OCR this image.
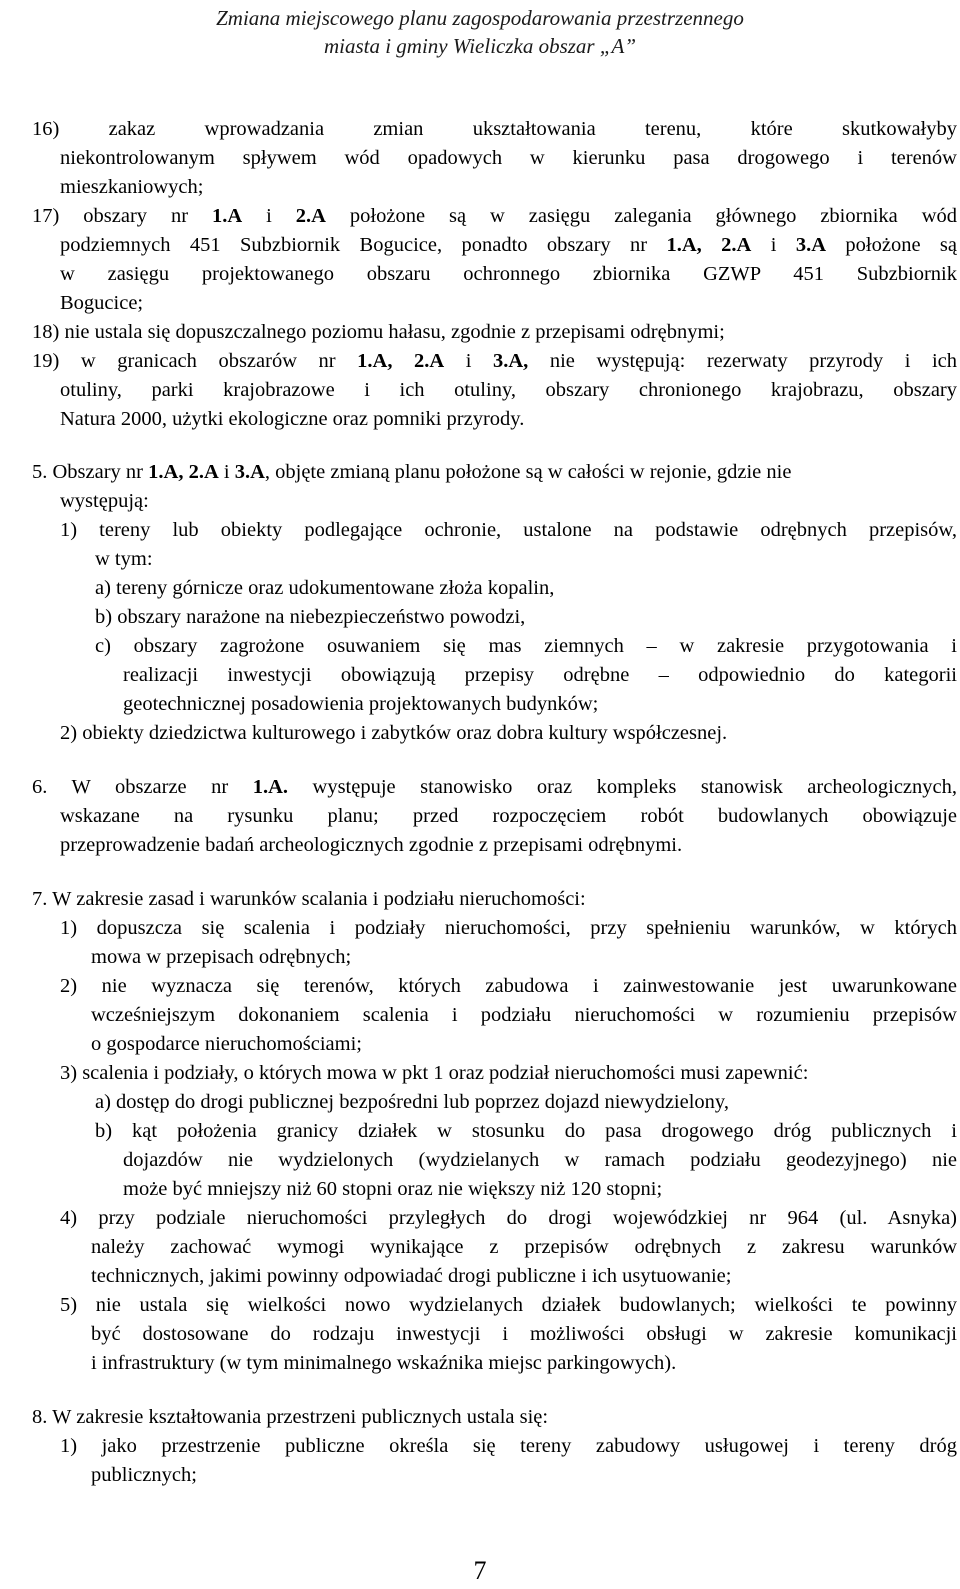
Zmiana miejscowego planu zagospodarowania przestrzennego
miasta i gminy Wieliczka obszar „A”
16) zakaz wprowadzania zmian ukształtowania terenu, które skutkowałyby
niekontrolowanym spływem wód opadowych w kierunku pasa drogowego i terenów
mieszkaniowych;
17) obszary nr 1.A i 2.A położone są w zasięgu zalegania głównego zbiornika wód
podziemnych 451 Subzbiornik Bogucice, ponadto obszary nr 1.A, 2.A i 3.A położone są
w zasięgu projektowanego obszaru ochronnego zbiornika GZWP 451 Subzbiornik
Bogucice;
18) nie ustala się dopuszczalnego poziomu hałasu, zgodnie z przepisami odrębnymi;
19) w granicach obszarów nr 1.A, 2.A i 3.A, nie występują: rezerwaty przyrody i ich
otuliny, parki krajobrazowe i ich otuliny, obszary chronionego krajobrazu, obszary
Natura 2000, użytki ekologiczne oraz pomniki przyrody.
5. Obszary nr 1.A, 2.A i 3.A, objęte zmianą planu położone są w całości w rejonie, gdzie nie
występują:
1) tereny lub obiekty podlegające ochronie, ustalone na podstawie odrębnych przepisów,
w tym:
a) tereny górnicze oraz udokumentowane złoża kopalin,
b) obszary narażone na niebezpieczeństwo powodzi,
c) obszary zagrożone osuwaniem się mas ziemnych – w zakresie przygotowania i
realizacji inwestycji obowiązują przepisy odrębne – odpowiednio do kategorii
geotechnicznej posadowienia projektowanych budynków;
2) obiekty dziedzictwa kulturowego i zabytków oraz dobra kultury współczesnej.
6. W obszarze nr 1.A. występuje stanowisko oraz kompleks stanowisk archeologicznych,
wskazane na rysunku planu; przed rozpoczęciem robót budowlanych obowiązuje
przeprowadzenie badań archeologicznych zgodnie z przepisami odrębnymi.
7. W zakresie zasad i warunków scalania i podziału nieruchomości:
1) dopuszcza się scalenia i podziały nieruchomości, przy spełnieniu warunków, w których
mowa w przepisach odrębnych;
2) nie wyznacza się terenów, których zabudowa i zainwestowanie jest uwarunkowane
wcześniejszym dokonaniem scalenia i podziału nieruchomości w rozumieniu przepisów
o gospodarce nieruchomościami;
3) scalenia i podziały, o których mowa w pkt 1 oraz podział nieruchomości musi zapewnić:
a) dostęp do drogi publicznej bezpośredni lub poprzez dojazd niewydzielony,
b) kąt położenia granicy działek w stosunku do pasa drogowego dróg publicznych i
dojazdów nie wydzielonych (wydzielanych w ramach podziału geodezyjnego) nie
może być mniejszy niż 60 stopni oraz nie większy niż 120 stopni;
4) przy podziale nieruchomości przyległych do drogi wojewódzkiej nr 964 (ul. Asnyka)
należy zachować wymogi wynikające z przepisów odrębnych z zakresu warunków
technicznych, jakimi powinny odpowiadać drogi publiczne i ich usytuowanie;
5) nie ustala się wielkości nowo wydzielanych działek budowlanych; wielkości te powinny
być dostosowane do rodzaju inwestycji i możliwości obsługi w zakresie komunikacji
i infrastruktury (w tym minimalnego wskaźnika miejsc parkingowych).
8. W zakresie kształtowania przestrzeni publicznych ustala się:
1) jako przestrzenie publiczne określa się tereny zabudowy usługowej i tereny dróg
publicznych;
7
